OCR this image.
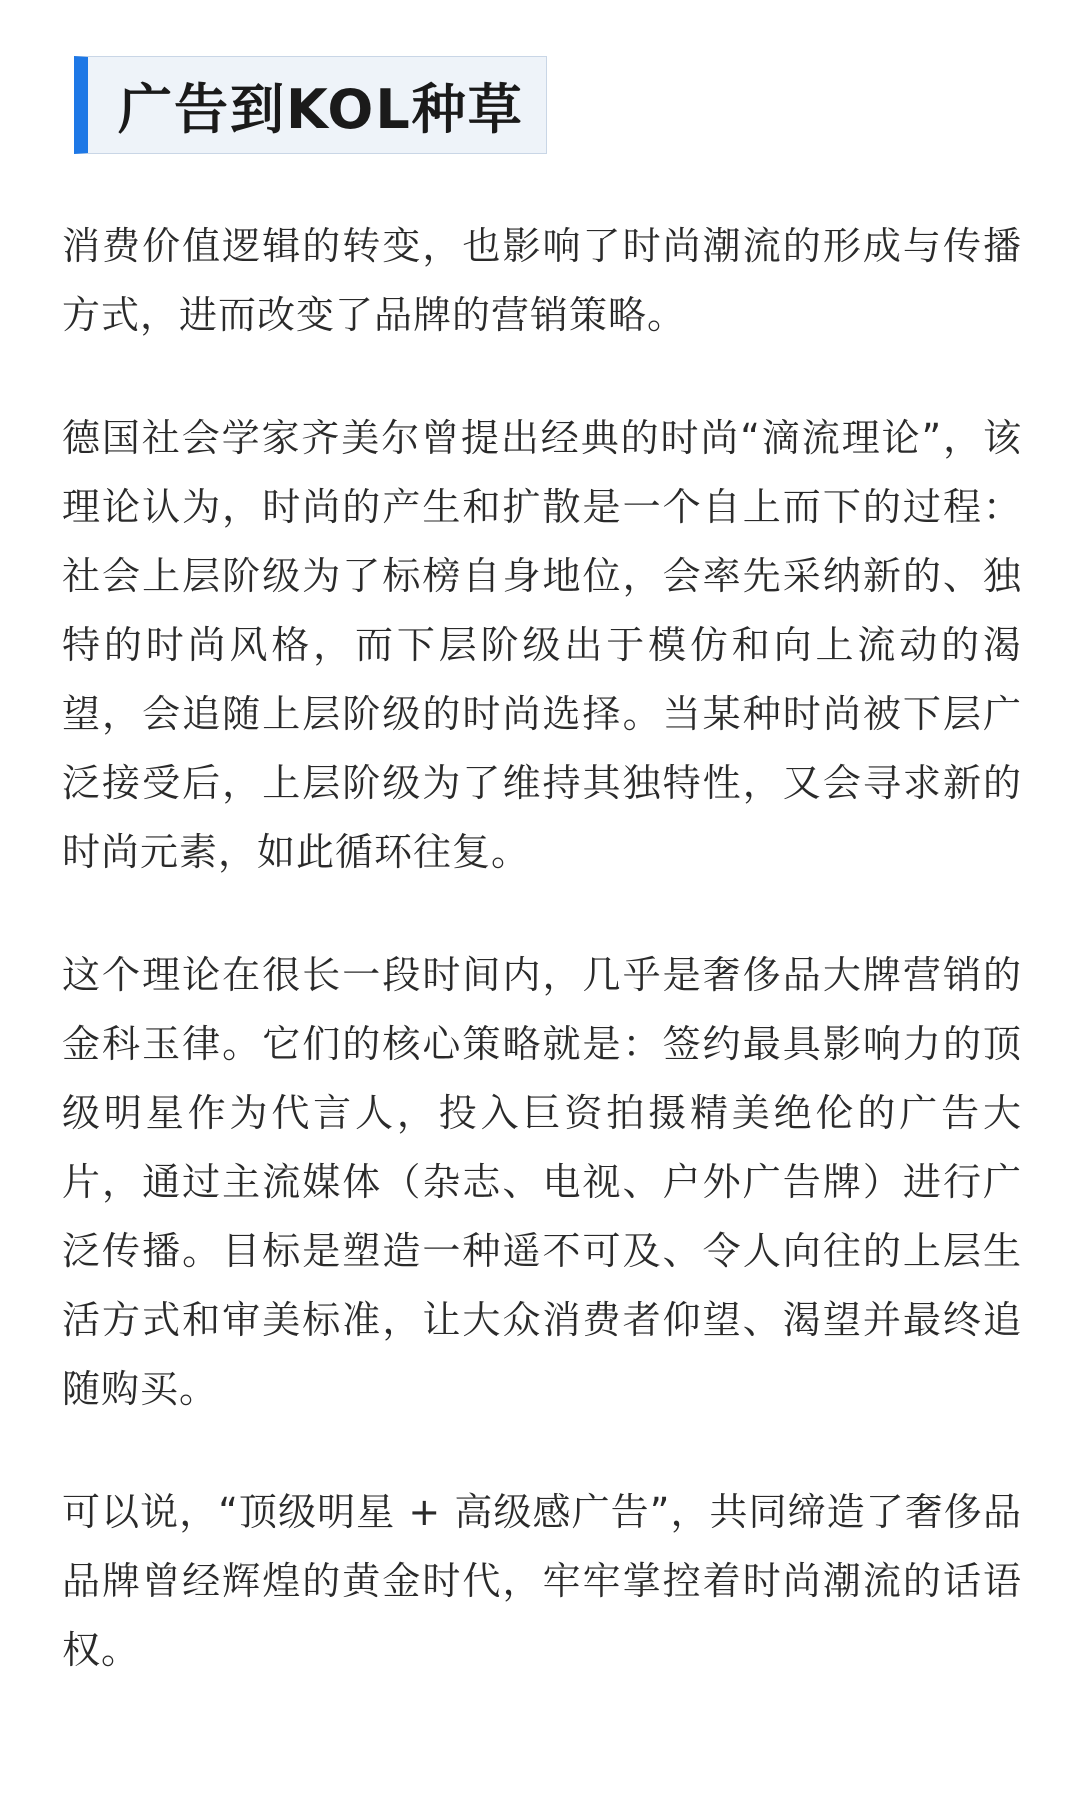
广告到KOL种草

消费价值逻辑的转变，也影响了时尚潮流的形成与传播方式，进而改变了品牌的营销策略。

德国社会学家齐美尔曾提出经典的时尚“滴流理论”，该理论认为，时尚的产生和扩散是一个自上而下的过程：社会上层阶级为了标榜自身地位，会率先采纳新的、独特的时尚风格，而下层阶级出于模仿和向上流动的渴望，会追随上层阶级的时尚选择。当某种时尚被下层广泛接受后，上层阶级为了维持其独特性，又会寻求新的时尚元素，如此循环往复。

这个理论在很长一段时间内，几乎是奢侈品大牌营销的金科玉律。它们的核心策略就是：签约最具影响力的顶级明星作为代言人，投入巨资拍摄精美绝伦的广告大片，通过主流媒体（杂志、电视、户外广告牌）进行广泛传播。目标是塑造一种遥不可及、令人向往的上层生活方式和审美标准，让大众消费者仰望、渴望并最终追随购买。

可以说，“顶级明星 + 高级感广告”，共同缔造了奢侈品品牌曾经辉煌的黄金时代，牢牢掌控着时尚潮流的话语权。
